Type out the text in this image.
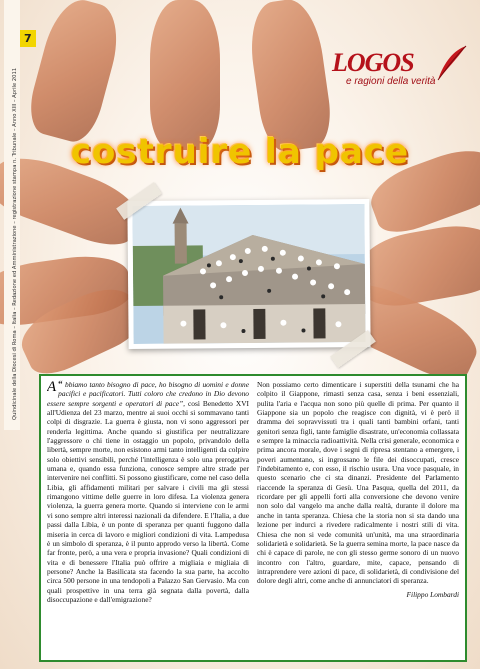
Quindicinale della Diocesi di Roma – Italia – Redazione ed Amministrazione – registrazione stampa n. Tribunale – Anno XIII – Aprile 2011
7
LOGOS
e ragioni della verità
costruire la pace

“
A bbiamo tanto bisogno di pace, ho bisogno di uomini e donne pacifici e pacificatori. Tutti coloro che credono in Dio devono essere sempre sorgenti e operatori di pace”, così Benedetto XVI all'Udienza del 23 marzo, mentre ai suoi occhi si sommavano tanti colpi di disgrazie. La guerra è giusta, non vi sono aggressori per renderla legittima. Anche quando si giustifica per neutralizzare l'aggressore o chi tiene in ostaggio un popolo, privandolo della libertà, sempre morte, non esistono armi tanto intelligenti da colpire solo obiettivi sensibili, perché l'intelligenza è solo una prerogativa umana e, quando essa funziona, conosce sempre altre strade per intervenire nei conflitti. Si possono giustificare, come nel caso della Libia, gli affidamenti militari per salvare i civili ma gli stessi rimangono vittime delle guerre in loro difesa. La violenza genera violenza, la guerra genera morte. Quando si interviene con le armi vi sono sempre altri interessi nazionali da difendere. E l'Italia, a due passi dalla Libia, è un ponte di speranza per quanti fuggono dalla miseria in cerca di lavoro e migliori condizioni di vita. Lampedusa è un simbolo di speranza, è il punto approdo verso la libertà. Come far fronte, però, a una vera e propria invasione? Quali condizioni di vita e di benessere l'Italia può offrire a migliaia e migliaia di persone? Anche la Basilicata sta facendo la sua parte, ha accolto circa 500 persone in una tendopoli a Palazzo San Gervasio. Ma con quali prospettive in una terra già segnata dalla povertà, dalla disoccupazione e dall'emigrazione?

Non possiamo certo dimenticare i superstiti della tsunami che ha colpito il Giappone, rimasti senza casa, senza i beni essenziali, pulita l'aria e l'acqua non sono più quelle di prima. Per quanto il Giappone sia un popolo che reagisce con dignità, vi è però il dramma dei sopravvissuti tra i quali tanti bambini orfani, tanti genitori senza figli, tante famiglie disastrate, un'economia collassata e sempre la minaccia radioattività. Nella crisi generale, economica e prima ancora morale, dove i segni di ripresa stentano a emergere, i poveri aumentano, si ingrossano le file dei disoccupati, cresce l'indebitamento e, con esso, il rischio usura. Una voce pasquale, in questo scenario che ci sta dinanzi. Presidente del Parlamento riaccende la speranza di Gesù. Una Pasqua, quella del 2011, da ricordare per gli appelli forti alla conversione che devono venire non solo dal vangelo ma anche dalla realtà, durante il dolore ma anche in tanta speranza. Chiesa che la storia non si sta dando una lezione per indurci a rivedere radicalmente i nostri stili di vita. Chiesa che non si vede comunità un'unità, ma una straordinaria solidarietà e solidarietà. Se la guerra semina morte, la pace nasce da chi è capace di parole, ne con gli stesso germe sonoro di un nuovo incontro con l'altro, guardare, mite, capace, pensando di intraprendere vere azioni di pace, di solidarietà, di condivisione del dolore degli altri, come anche di annunciatori di speranza.

Filippo Lombardi
